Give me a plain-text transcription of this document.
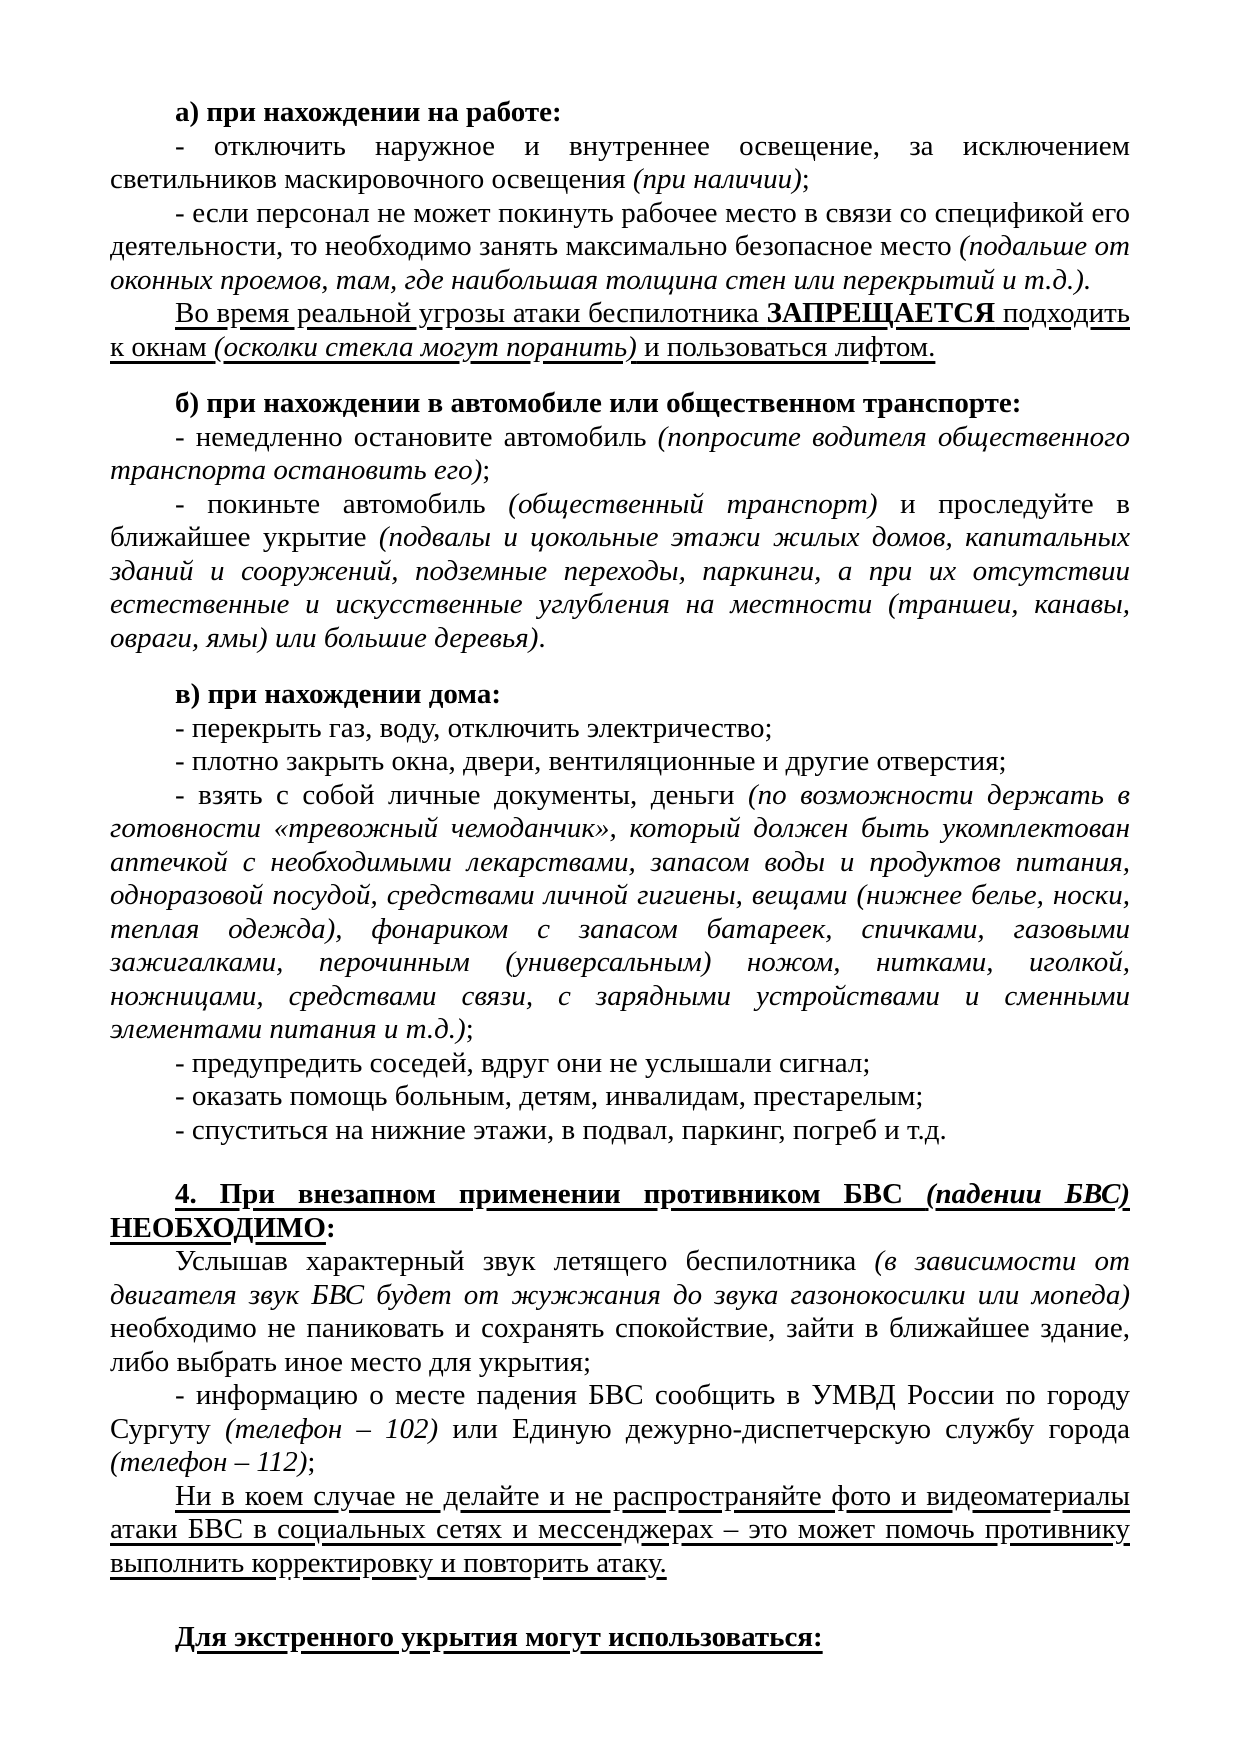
а) при нахождении на работе:

- отключить наружное и внутреннее освещение, за исключением светильников маскировочного освещения (при наличии);

- если персонал не может покинуть рабочее место в связи со спецификой его деятельности, то необходимо занять максимально безопасное место (подальше от оконных проемов, там, где наибольшая толщина стен или перекрытий и т.д.).

Во время реальной угрозы атаки беспилотника ЗАПРЕЩАЕТСЯ подходить к окнам (осколки стекла могут поранить) и пользоваться лифтом.

б) при нахождении в автомобиле или общественном транспорте:

- немедленно остановите автомобиль (попросите водителя общественного транспорта остановить его);

- покиньте автомобиль (общественный транспорт) и проследуйте в ближайшее укрытие (подвалы и цокольные этажи жилых домов, капитальных зданий и сооружений, подземные переходы, паркинги, а при их отсутствии естественные и искусственные углубления на местности (траншеи, канавы, овраги, ямы) или большие деревья).

в) при нахождении дома:

- перекрыть газ, воду, отключить электричество;

- плотно закрыть окна, двери, вентиляционные и другие отверстия;

- взять с собой личные документы, деньги (по возможности держать в готовности «тревожный чемоданчик», который должен быть укомплектован аптечкой с необходимыми лекарствами, запасом воды и продуктов питания, одноразовой посудой, средствами личной гигиены, вещами (нижнее белье, носки, теплая одежда), фонариком с запасом батареек, спичками, газовыми зажигалками, перочинным (универсальным) ножом, нитками, иголкой, ножницами, средствами связи, с зарядными устройствами и сменными элементами питания и т.д.);

- предупредить соседей, вдруг они не услышали сигнал;

- оказать помощь больным, детям, инвалидам, престарелым;

- спуститься на нижние этажи, в подвал, паркинг, погреб и т.д.

4. При внезапном применении противником БВС (падении БВС) НЕОБХОДИМО:

Услышав характерный звук летящего беспилотника (в зависимости от двигателя звук БВС будет от жужжания до звука газонокосилки или мопеда) необходимо не паниковать и сохранять спокойствие, зайти в ближайшее здание, либо выбрать иное место для укрытия;

- информацию о месте падения БВС сообщить в УМВД России по городу Сургуту (телефон – 102) или Единую дежурно-диспетчерскую службу города (телефон – 112);

Ни в коем случае не делайте и не распространяйте фото и видеоматериалы атаки БВС в социальных сетях и мессенджерах – это может помочь противнику выполнить корректировку и повторить атаку.

Для экстренного укрытия могут использоваться:
